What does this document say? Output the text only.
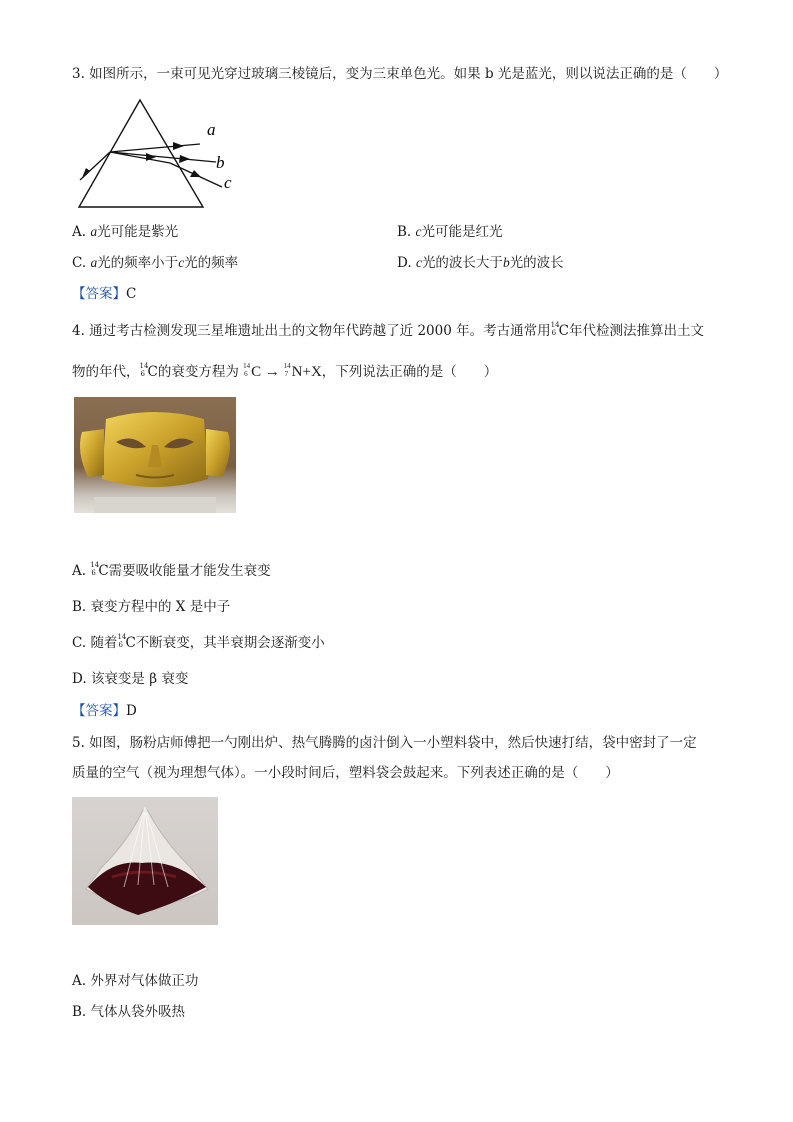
3. 如图所示，一束可见光穿过玻璃三棱镜后，变为三束单色光。如果 b 光是蓝光，则以说法正确的是（　　）
a
b
c
A. a光可能是紫光	B. c光可能是红光
C. a光的频率小于c光的频率	D. c光的波长大于b光的波长
【答案】C
4. 通过考古检测发现三星堆遗址出土的文物年代跨越了近 2000 年。考古通常用 14
6 C年代检测法推算出土文
物的年代， 14
6 C的衰变方程为 14
6 C → 14
7 N+X，下列说法正确的是（　　）
A. 14
6 C需要吸收能量才能发生衰变
B. 衰变方程中的 X 是中子
C. 随着 14
6 C不断衰变，其半衰期会逐渐变小
D. 该衰变是 β 衰变
【答案】D
5. 如图，肠粉店师傅把一勺刚出炉、热气腾腾的卤汁倒入一小塑料袋中，然后快速打结，袋中密封了一定
质量的空气（视为理想气体）。一小段时间后，塑料袋会鼓起来。下列表述正确的是（　　）
A. 外界对气体做正功
B. 气体从袋外吸热
